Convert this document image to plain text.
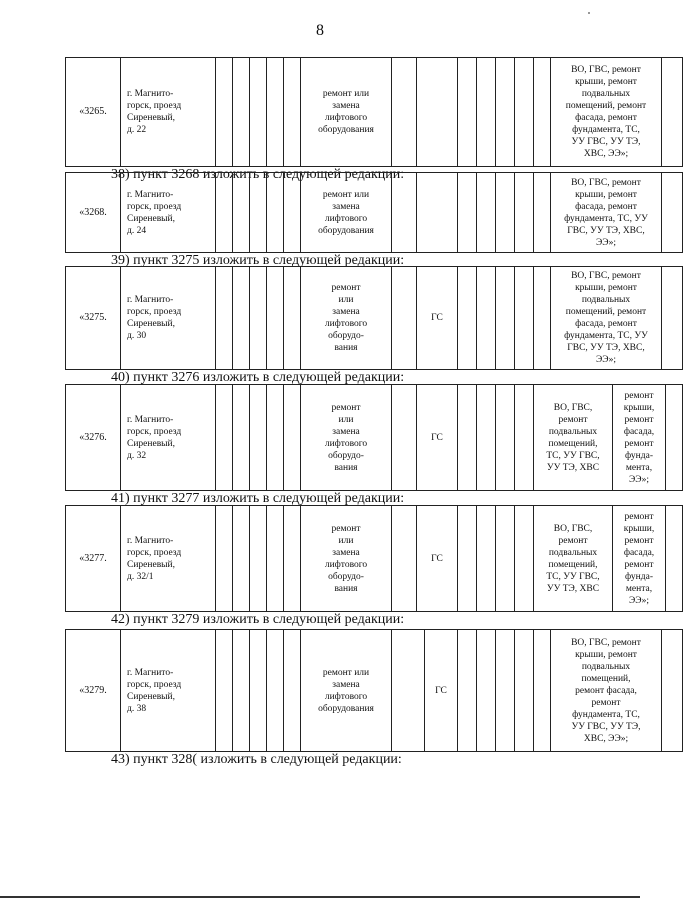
8
«3265.	г. Магнито-
горск, проезд
Сиреневый,
д. 22						ремонт или
замена
лифтового
оборудования								ВО, ГВС, ремонт
крыши, ремонт
подвальных
помещений, ремонт
фасада, ремонт
фундамента, ТС,
УУ ГВС, УУ ТЭ,
ХВС, ЭЭ»;	

38) пункт 3268 изложить в следующей редакции:

«3268.	г. Магнито-
горск, проезд
Сиреневый,
д. 24						ремонт или
замена
лифтового
оборудования								ВО, ГВС, ремонт
крыши, ремонт
фасада, ремонт
фундамента, ТС, УУ
ГВС, УУ ТЭ, ХВС,
ЭЭ»;	

39) пункт 3275 изложить в следующей редакции:

«3275.	г. Магнито-
горск, проезд
Сиреневый,
д. 30						ремонт
или
замена
лифтового
оборудо-
вания		ГС						ВО, ГВС, ремонт
крыши, ремонт
подвальных
помещений, ремонт
фасада, ремонт
фундамента, ТС, УУ
ГВС, УУ ТЭ, ХВС,
ЭЭ»;	

40) пункт 3276 изложить в следующей редакции:

«3276.	г. Магнито-
горск, проезд
Сиреневый,
д. 32						ремонт
или
замена
лифтового
оборудо-
вания		ГС					ВО, ГВС,
ремонт
подвальных
помещений,
ТС, УУ ГВС,
УУ ТЭ, ХВС	ремонт
крыши,
ремонт
фасада,
ремонт
фунда-
мента,
ЭЭ»;	

41) пункт 3277 изложить в следующей редакции:

«3277.	г. Магнито-
горск, проезд
Сиреневый,
д. 32/1						ремонт
или
замена
лифтового
оборудо-
вания		ГС					ВО, ГВС,
ремонт
подвальных
помещений,
ТС, УУ ГВС,
УУ ТЭ, ХВС	ремонт
крыши,
ремонт
фасада,
ремонт
фунда-
мента,
ЭЭ»;	

42) пункт 3279 изложить в следующей редакции:

«3279.	г. Магнито-
горск, проезд
Сиреневый,
д. 38						ремонт или
замена
лифтового
оборудования		ГС						ВО, ГВС, ремонт
крыши, ремонт
подвальных
помещений,
ремонт фасада,
ремонт
фундамента, ТС,
УУ ГВС, УУ ТЭ,
ХВС, ЭЭ»;	

43) пункт 328( изложить в следующей редакции:
